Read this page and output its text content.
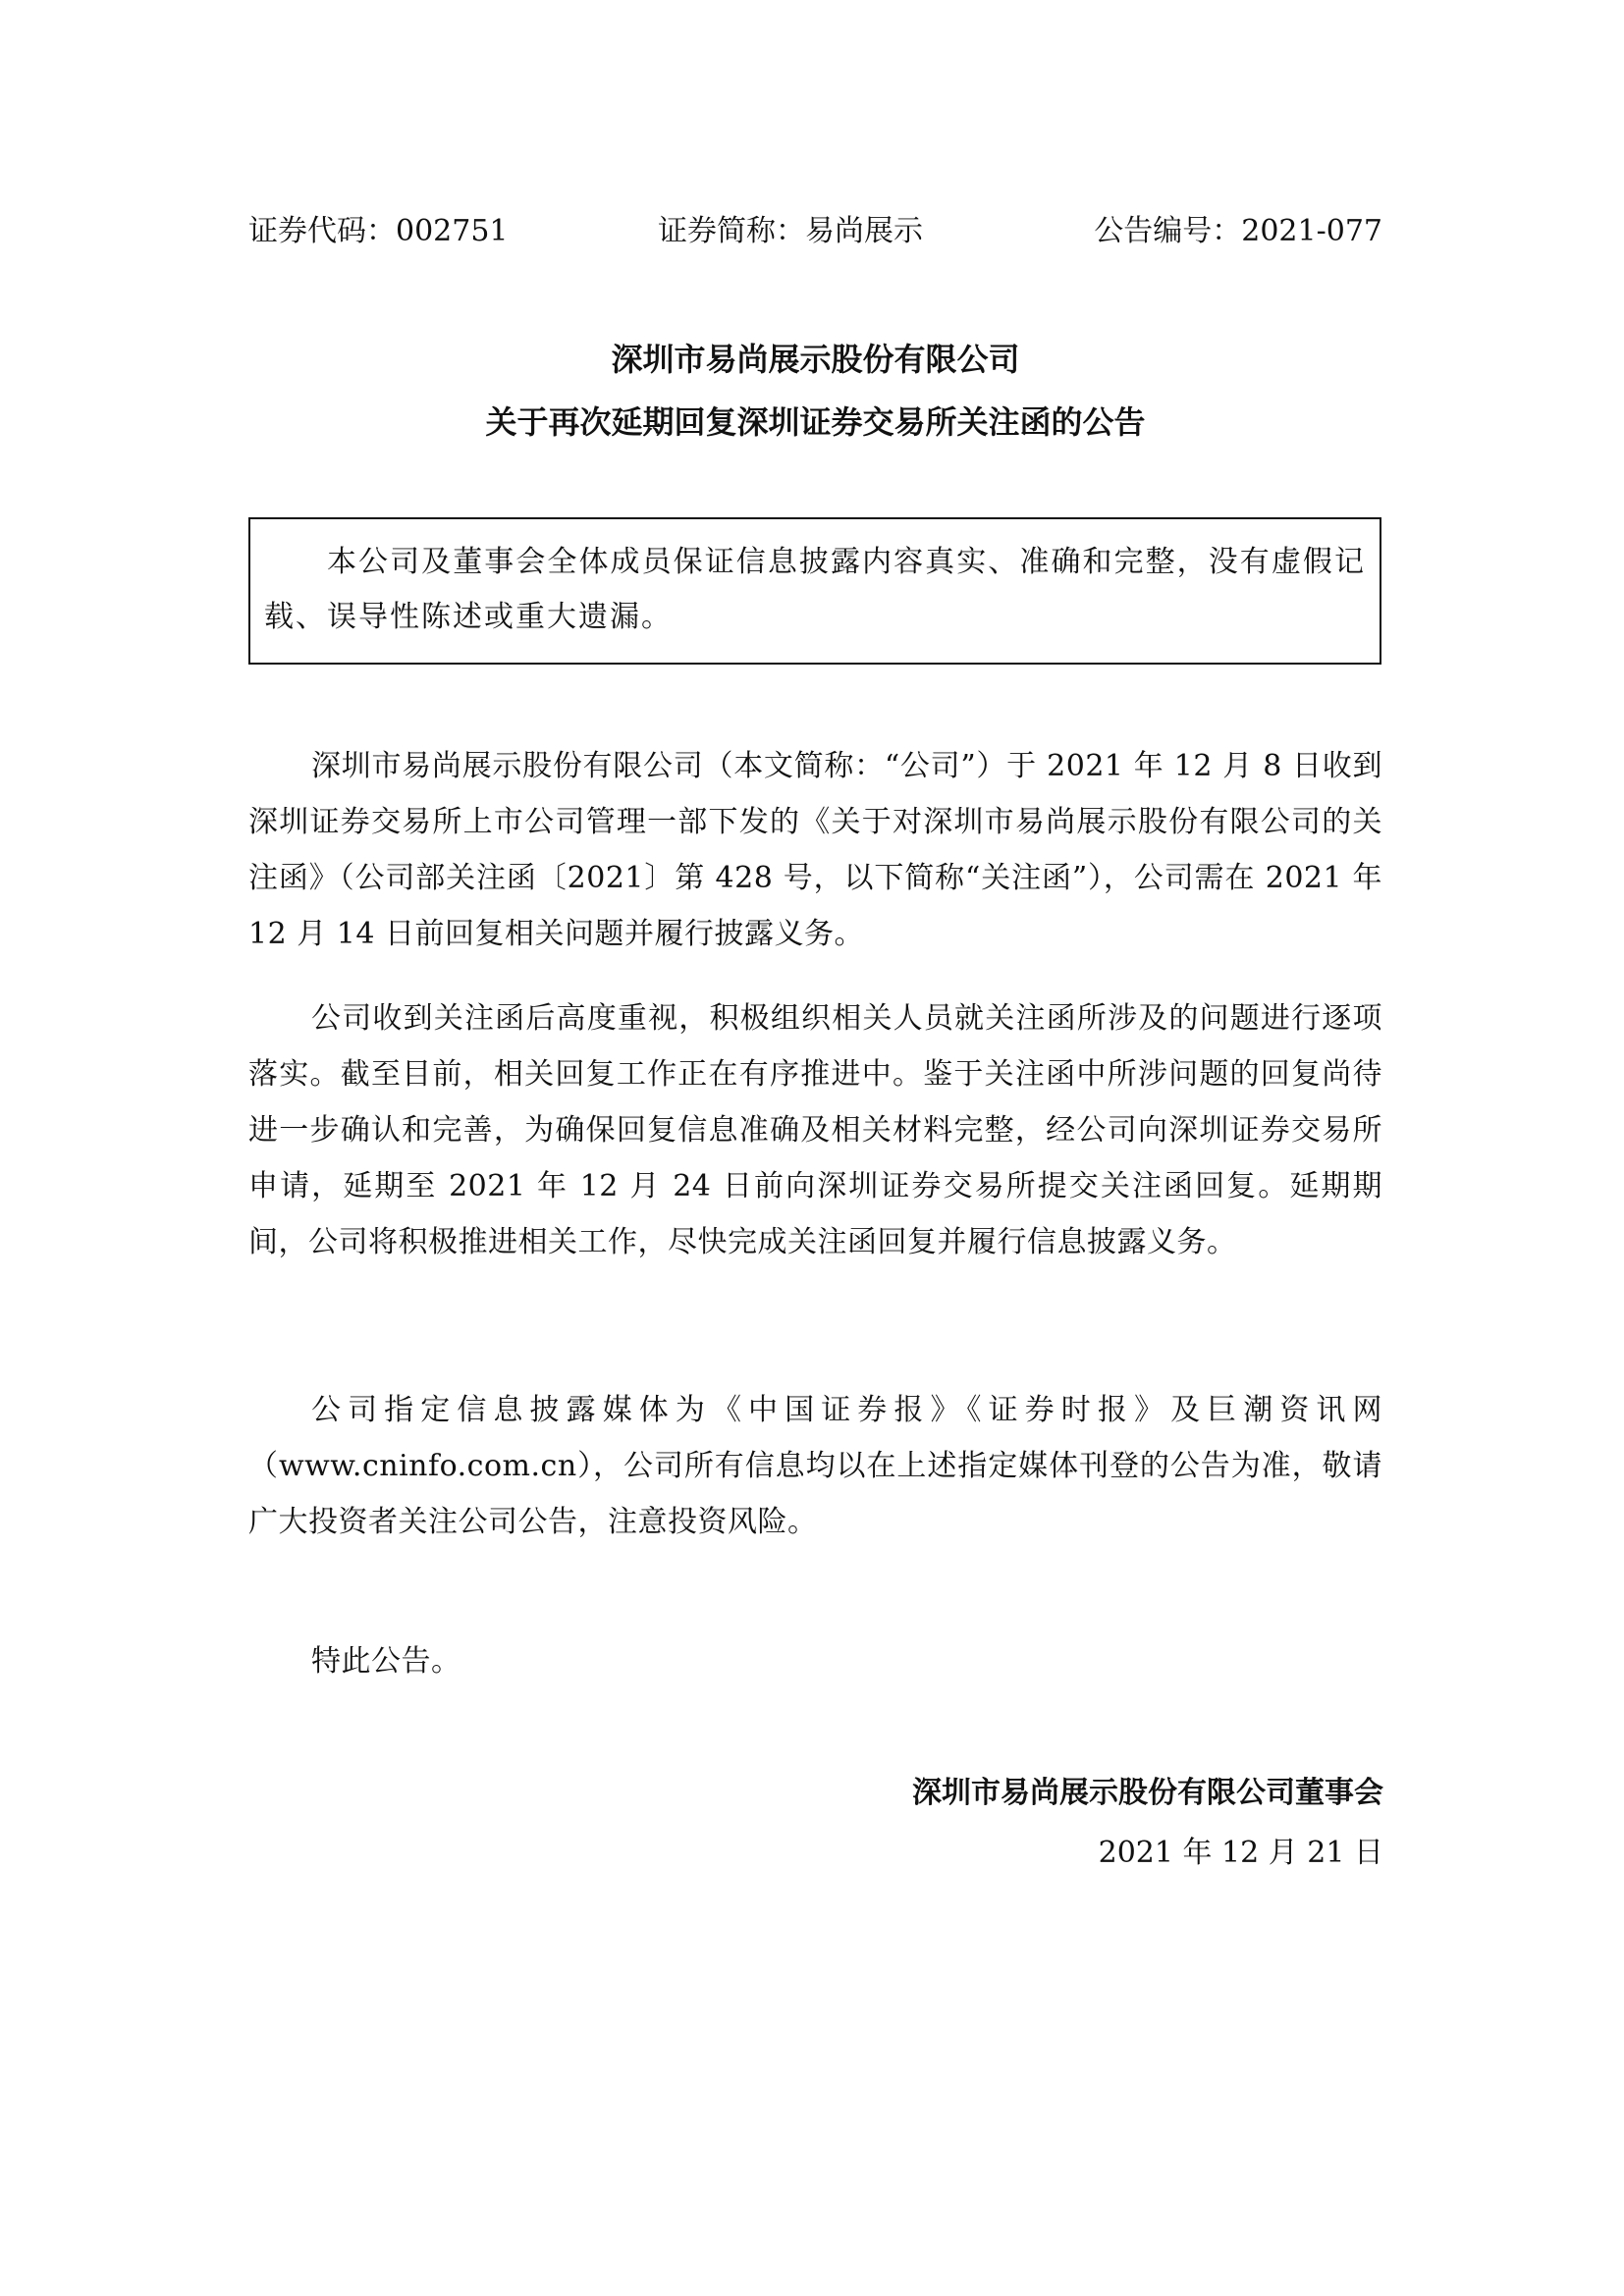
证券代码：002751	证券简称：易尚展示	公告编号：2021-077
深圳市易尚展示股份有限公司
关于再次延期回复深圳证券交易所关注函的公告
本公司及董事会全体成员保证信息披露内容真实、准确和完整，没有虚假记载、误导性陈述或重大遗漏。
深圳市易尚展示股份有限公司（本文简称：“公司”）于 2021 年 12 月 8 日收到深圳证券交易所上市公司管理一部下发的《关于对深圳市易尚展示股份有限公司的关注函》（公司部关注函〔2021〕第 428 号，以下简称“关注函”），公司需在 2021 年 12 月 14 日前回复相关问题并履行披露义务。
公司收到关注函后高度重视，积极组织相关人员就关注函所涉及的问题进行逐项落实。截至目前，相关回复工作正在有序推进中。鉴于关注函中所涉问题的回复尚待进一步确认和完善，为确保回复信息准确及相关材料完整，经公司向深圳证券交易所申请，延期至 2021 年 12 月 24 日前向深圳证券交易所提交关注函回复。延期期间，公司将积极推进相关工作，尽快完成关注函回复并履行信息披露义务。
公司指定信息披露媒体为《中国证券报》《证券时报》及巨潮资讯网（www.cninfo.com.cn），公司所有信息均以在上述指定媒体刊登的公告为准，敬请广大投资者关注公司公告，注意投资风险。
特此公告。
深圳市易尚展示股份有限公司董事会
2021 年 12 月 21 日
